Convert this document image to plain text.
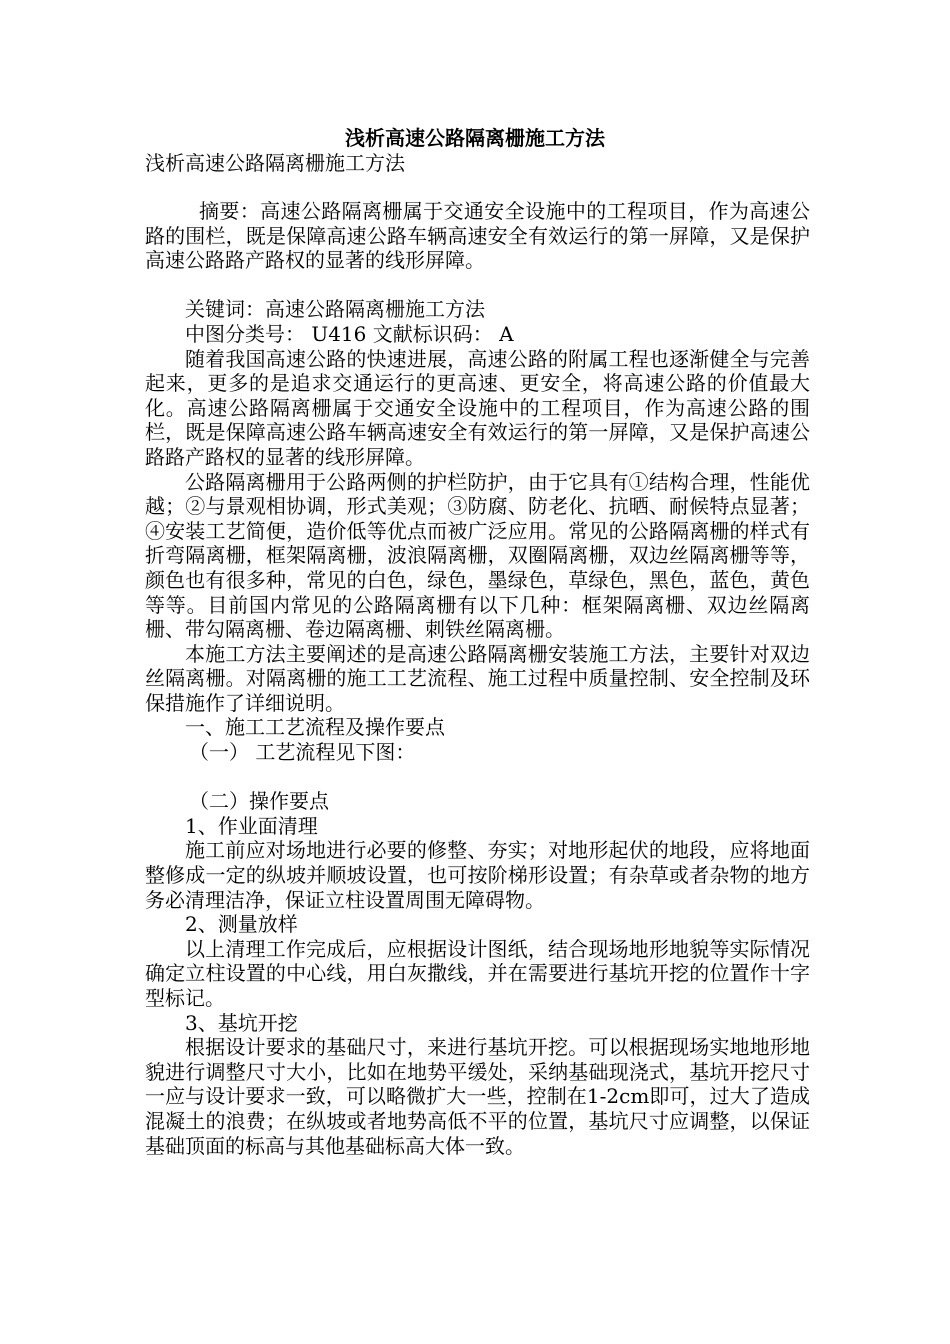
浅析高速公路隔离栅施工方法

浅析高速公路隔离栅施工方法

摘要：高速公路隔离栅属于交通安全设施中的工程项目，作为高速公路的围栏，既是保障高速公路车辆高速安全有效运行的第一屏障，又是保护高速公路路产路权的显著的线形屏障。

关键词：高速公路隔离栅施工方法

中图分类号： U416 文献标识码： A

随着我国高速公路的快速进展，高速公路的附属工程也逐渐健全与完善起来，更多的是追求交通运行的更高速、更安全，将高速公路的价值最大化。高速公路隔离栅属于交通安全设施中的工程项目，作为高速公路的围栏，既是保障高速公路车辆高速安全有效运行的第一屏障，又是保护高速公路路产路权的显著的线形屏障。

公路隔离栅用于公路两侧的护栏防护，由于它具有①结构合理，性能优越；②与景观相协调，形式美观；③防腐、防老化、抗晒、耐候特点显著；④安装工艺简便，造价低等优点而被广泛应用。常见的公路隔离栅的样式有折弯隔离栅，框架隔离栅，波浪隔离栅，双圈隔离栅，双边丝隔离栅等等，颜色也有很多种，常见的白色，绿色，墨绿色，草绿色，黑色，蓝色，黄色等等。目前国内常见的公路隔离栅有以下几种：框架隔离栅、双边丝隔离栅、带勾隔离栅、卷边隔离栅、刺铁丝隔离栅。

本施工方法主要阐述的是高速公路隔离栅安装施工方法，主要针对双边丝隔离栅。对隔离栅的施工工艺流程、施工过程中质量控制、安全控制及环保措施作了详细说明。

一、施工工艺流程及操作要点

（一） 工艺流程见下图：

（二）操作要点

1、作业面清理

施工前应对场地进行必要的修整、夯实；对地形起伏的地段，应将地面整修成一定的纵坡并顺坡设置，也可按阶梯形设置；有杂草或者杂物的地方务必清理洁净，保证立柱设置周围无障碍物。

2、测量放样

以上清理工作完成后，应根据设计图纸，结合现场地形地貌等实际情况确定立柱设置的中心线，用白灰撒线，并在需要进行基坑开挖的位置作十字型标记。

3、基坑开挖

根据设计要求的基础尺寸，来进行基坑开挖。可以根据现场实地地形地貌进行调整尺寸大小，比如在地势平缓处，采纳基础现浇式，基坑开挖尺寸一应与设计要求一致，可以略微扩大一些，控制在1-2cm即可，过大了造成混凝土的浪费；在纵坡或者地势高低不平的位置，基坑尺寸应调整，以保证基础顶面的标高与其他基础标高大体一致。
